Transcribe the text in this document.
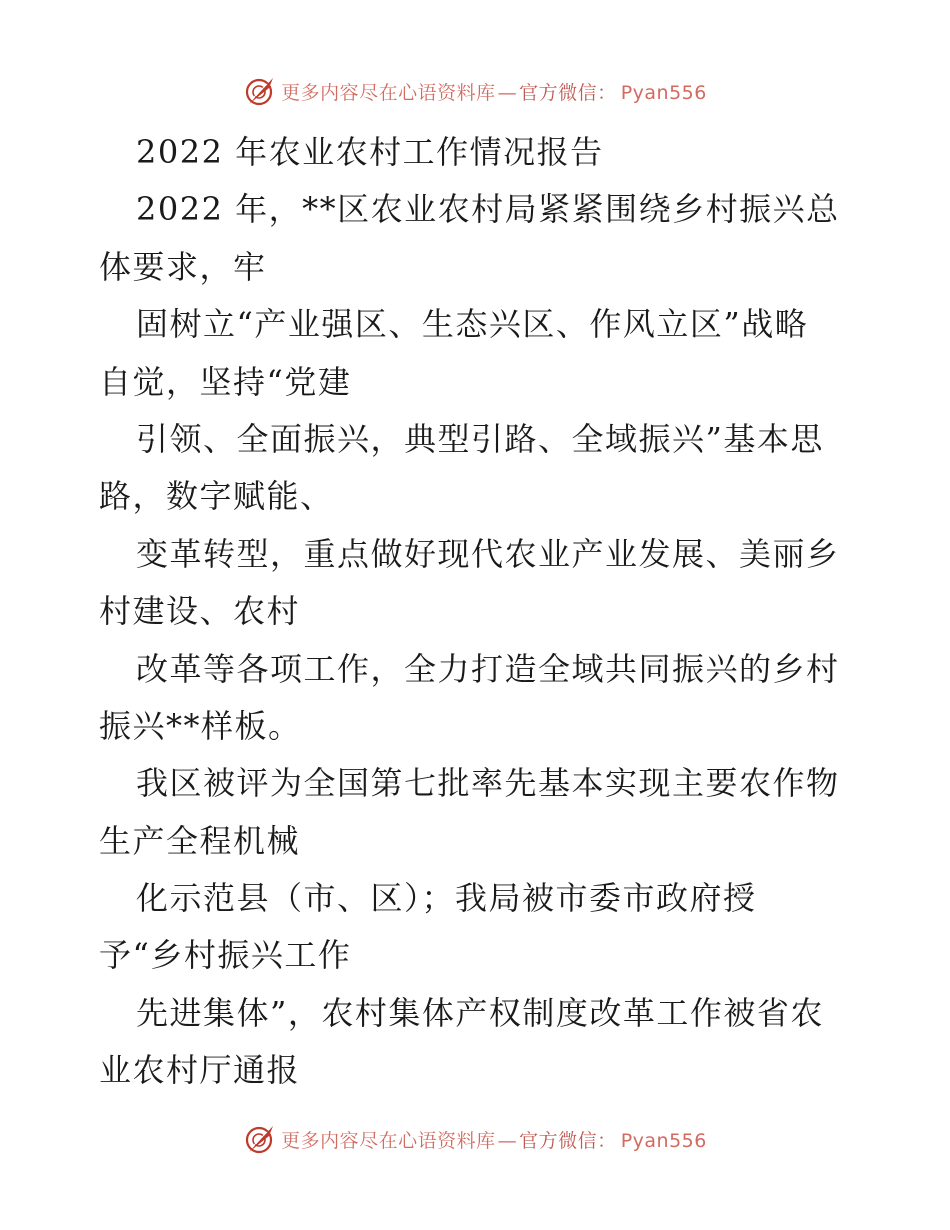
更多内容尽在心语资料库 — 官方微信： Pyan556
2022 年农业农村工作情况报告
2022 年，**区农业农村局紧紧围绕乡村振兴总
体要求，牢
固树立“产业强区、生态兴区、作风立区”战略
自觉，坚持“党建
引领、全面振兴，典型引路、全域振兴”基本思
路，数字赋能、
变革转型，重点做好现代农业产业发展、美丽乡
村建设、农村
改革等各项工作，全力打造全域共同振兴的乡村
振兴**样板。
我区被评为全国第七批率先基本实现主要农作物
生产全程机械
化示范县（市、区）；我局被市委市政府授
予“乡村振兴工作
先进集体”，农村集体产权制度改革工作被省农
业农村厅通报
更多内容尽在心语资料库 — 官方微信： Pyan556
